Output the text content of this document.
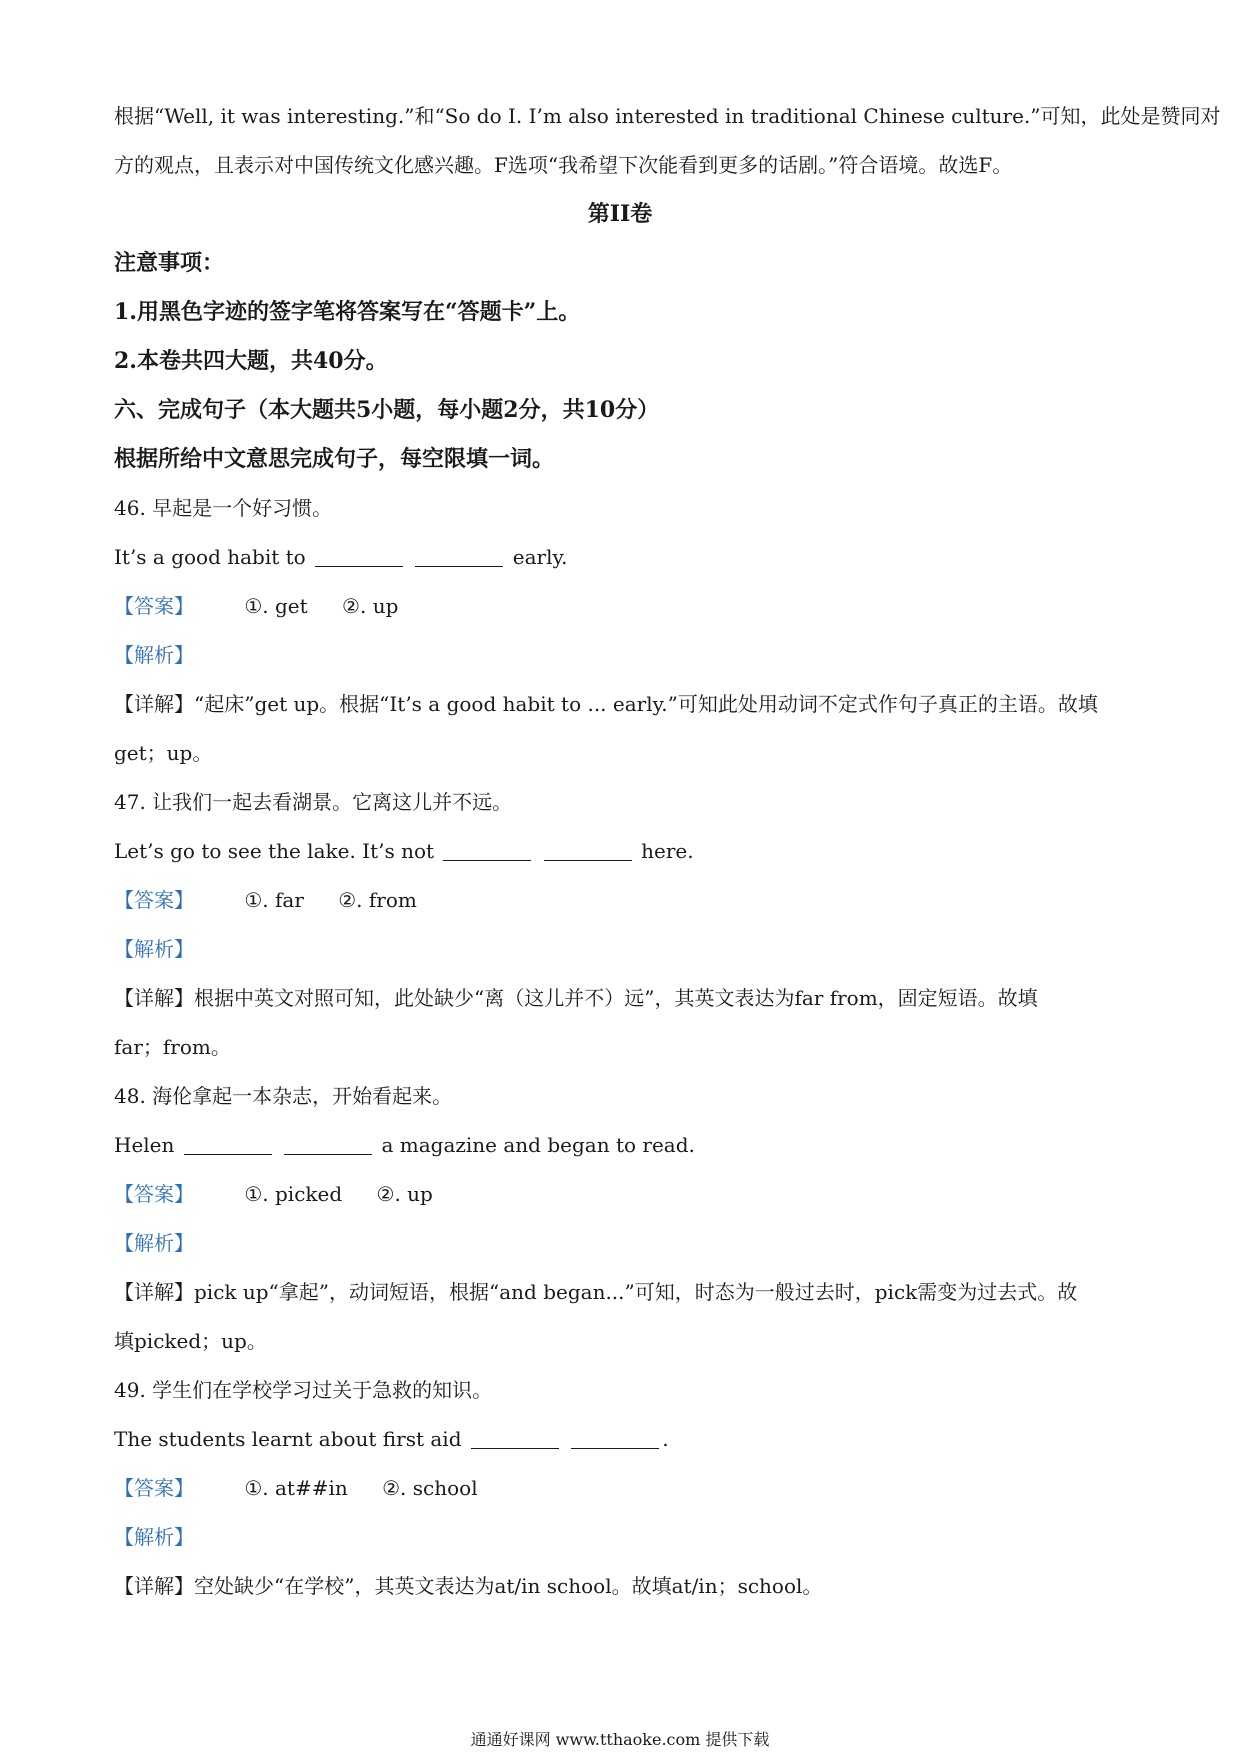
根据“Well, it was interesting.”和“So do I. I’m also interested in traditional Chinese culture.”可知，此处是赞同对
方的观点，且表示对中国传统文化感兴趣。F选项“我希望下次能看到更多的话剧。”符合语境。故选F。
第II卷
注意事项：
1.用黑色字迹的签字笔将答案写在“答题卡”上。
2.本卷共四大题，共40分。
六、完成句子（本大题共5小题，每小题2分，共10分）
根据所给中文意思完成句子，每空限填一词。
46. 早起是一个好习惯。
It’s a good habit to	early.
【答案】	①. get ②. up
【解析】
【详解】“起床”get up。根据“It’s a good habit to ... early.”可知此处用动词不定式作句子真正的主语。故填
get；up。
47. 让我们一起去看湖景。它离这儿并不远。
Let’s go to see the lake. It’s not	here.
【答案】	①. far ②. from
【解析】
【详解】根据中英文对照可知，此处缺少“离（这儿并不）远”，其英文表达为far from，固定短语。故填
far；from。
48. 海伦拿起一本杂志，开始看起来。
Helen	a magazine and began to read.
【答案】	①. picked ②. up
【解析】
【详解】pick up“拿起”，动词短语，根据“and began...”可知，时态为一般过去时，pick需变为过去式。故
填picked；up。
49. 学生们在学校学习过关于急救的知识。
The students learnt about first aid	.
【答案】	①. at##in ②. school
【解析】
【详解】空处缺少“在学校”，其英文表达为at/in school。故填at/in；school。
通通好课网 www.tthaoke.com 提供下载
